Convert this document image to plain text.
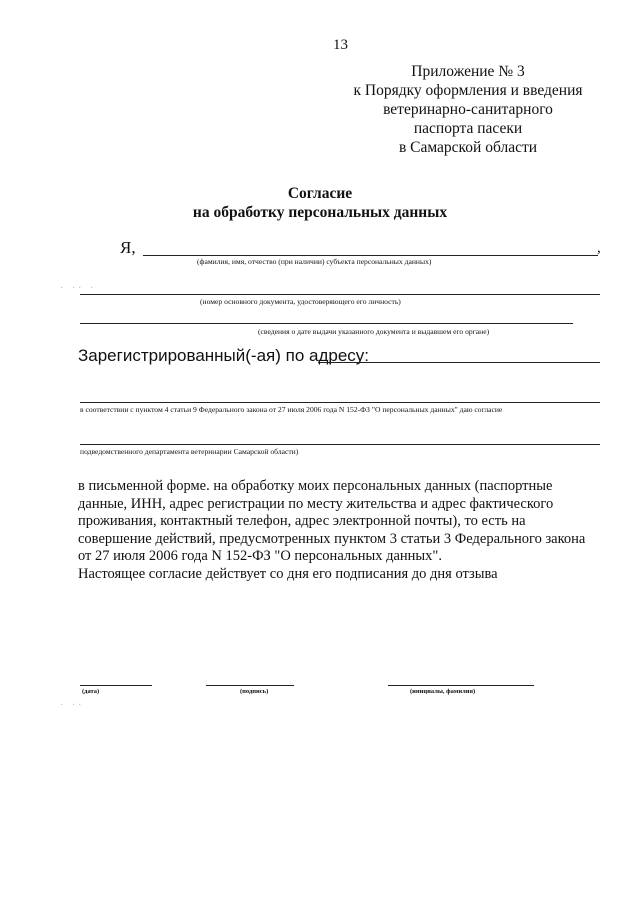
13
Приложение № 3
к Порядку оформления и введения
ветеринарно-санитарного
паспорта пасеки
в Самарской области
Согласие
на обработку персональных данных
Я,	,
(фамилия, имя, отчество (при наличии) субъекта персональных данных)
· ·· ·
(номер основного документа, удостоверяющего его личность)
(сведения о дате выдачи указанного документа и выдавшем его органе)
Зарегистрированный(-ая) по адресу:
в соответствии с пунктом 4 статьи 9 Федерального закона от 27 июля 2006 года N 152-ФЗ "О персональных данных" даю согласие
подведомственного департамента ветеринарии Самарской области)

в письменной форме. на обработку моих персональных данных (паспортные данные, ИНН, адрес регистрации по месту жительства и адрес фактического проживания, контактный телефон, адрес электронной почты), то есть на совершение действий, предусмотренных пунктом 3 статьи 3 Федерального закона от 27 июля 2006 года N 152-ФЗ "О персональных данных".

Настоящее согласие действует со дня его подписания до дня отзыва

(дата)	(подпись)	(инициалы, фамилия)
· ··
